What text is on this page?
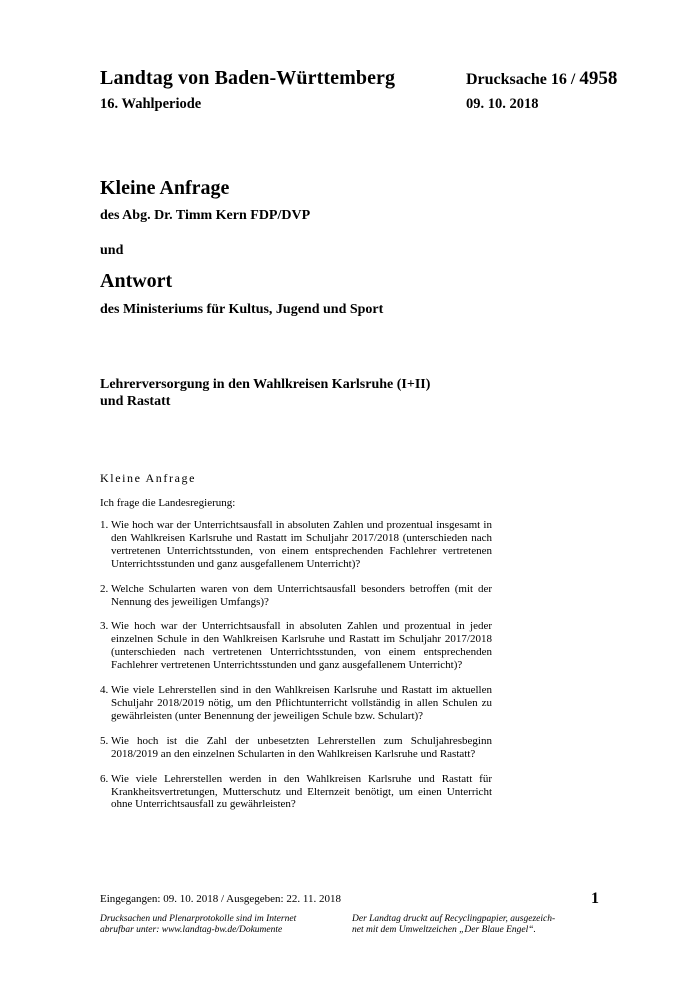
Landtag von Baden-Württemberg	Drucksache 16 / 4958
16. Wahlperiode	09. 10. 2018
Kleine Anfrage
des Abg. Dr. Timm Kern FDP/DVP
und
Antwort
des Ministeriums für Kultus, Jugend und Sport
Lehrerversorgung in den Wahlkreisen Karlsruhe (I+II)
und Rastatt
Kleine Anfrage
Ich frage die Landesregierung:
1. Wie hoch war der Unterrichtsausfall in absoluten Zahlen und prozentual insgesamt in den Wahlkreisen Karlsruhe und Rastatt im Schuljahr 2017/2018 (unterschieden nach vertretenen Unterrichtsstunden, von einem entsprechenden Fachlehrer vertretenen Unterrichtsstunden und ganz ausgefallenem Unterricht)?
2. Welche Schularten waren von dem Unterrichtsausfall besonders betroffen (mit der Nennung des jeweiligen Umfangs)?
3. Wie hoch war der Unterrichtsausfall in absoluten Zahlen und prozentual in jeder einzelnen Schule in den Wahlkreisen Karlsruhe und Rastatt im Schuljahr 2017/2018 (unterschieden nach vertretenen Unterrichtsstunden, von einem entsprechenden Fachlehrer vertretenen Unterrichtsstunden und ganz ausgefallenem Unterricht)?
4. Wie viele Lehrerstellen sind in den Wahlkreisen Karlsruhe und Rastatt im aktuellen Schuljahr 2018/2019 nötig, um den Pflichtunterricht vollständig in allen Schulen zu gewährleisten (unter Benennung der jeweiligen Schule bzw. Schulart)?
5. Wie hoch ist die Zahl der unbesetzten Lehrerstellen zum Schuljahresbeginn 2018/2019 an den einzelnen Schularten in den Wahlkreisen Karlsruhe und Rastatt?
6. Wie viele Lehrerstellen werden in den Wahlkreisen Karlsruhe und Rastatt für Krankheitsvertretungen, Mutterschutz und Elternzeit benötigt, um einen Unterricht ohne Unterrichtsausfall zu gewährleisten?
Eingegangen: 09. 10. 2018 / Ausgegeben: 22. 11. 2018	1
Drucksachen und Plenarprotokolle sind im Internet
abrufbar unter: www.landtag-bw.de/Dokumente
Der Landtag druckt auf Recyclingpapier, ausgezeich-
net mit dem Umweltzeichen „Der Blaue Engel“.
